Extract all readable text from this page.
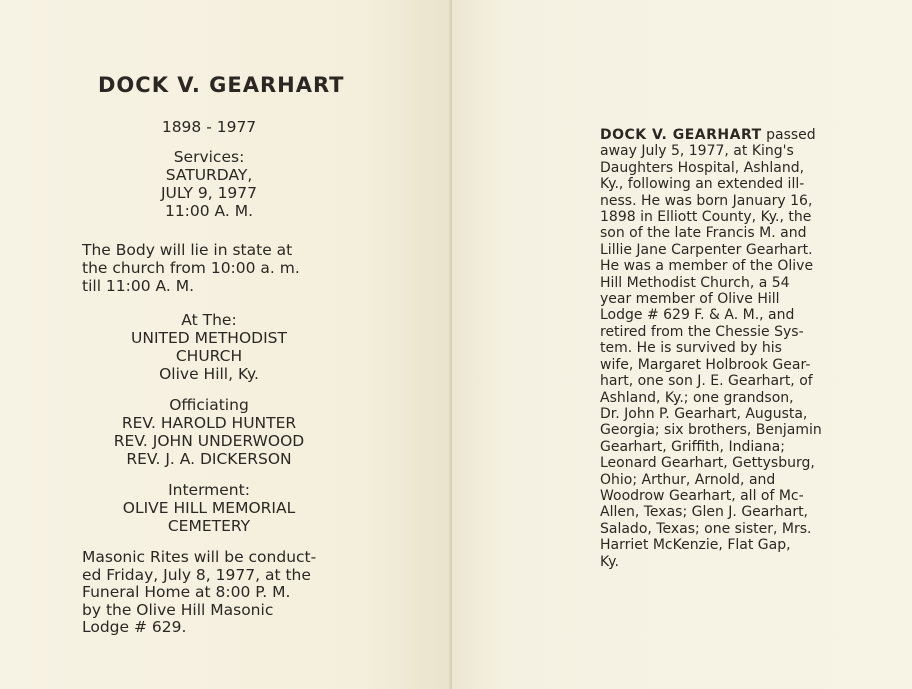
DOCK V. GEARHART

1898 - 1977

Services:
SATURDAY,
JULY 9, 1977
11:00 A. M.

The Body will lie in state at
the church from 10:00 a. m.
till 11:00 A. M.

At The:
UNITED METHODIST
CHURCH
Olive Hill, Ky.

Officiating
REV. HAROLD HUNTER
REV. JOHN UNDERWOOD
REV. J. A. DICKERSON

Interment:
OLIVE HILL MEMORIAL
CEMETERY

Masonic Rites will be conduct-
ed Friday, July 8, 1977, at the
Funeral Home at 8:00 P. M.
by the Olive Hill Masonic
Lodge # 629.

DOCK V. GEARHART passed
away July 5, 1977, at King's
Daughters Hospital, Ashland,
Ky., following an extended ill-
ness. He was born January 16,
1898 in Elliott County, Ky., the
son of the late Francis M. and
Lillie Jane Carpenter Gearhart.
He was a member of the Olive
Hill Methodist Church, a 54
year member of Olive Hill
Lodge # 629 F. & A. M., and
retired from the Chessie Sys-
tem. He is survived by his
wife, Margaret Holbrook Gear-
hart, one son J. E. Gearhart, of
Ashland, Ky.; one grandson,
Dr. John P. Gearhart, Augusta,
Georgia; six brothers, Benjamin
Gearhart, Griffith, Indiana;
Leonard Gearhart, Gettysburg,
Ohio; Arthur, Arnold, and
Woodrow Gearhart, all of Mc-
Allen, Texas; Glen J. Gearhart,
Salado, Texas; one sister, Mrs.
Harriet McKenzie, Flat Gap,
Ky.
